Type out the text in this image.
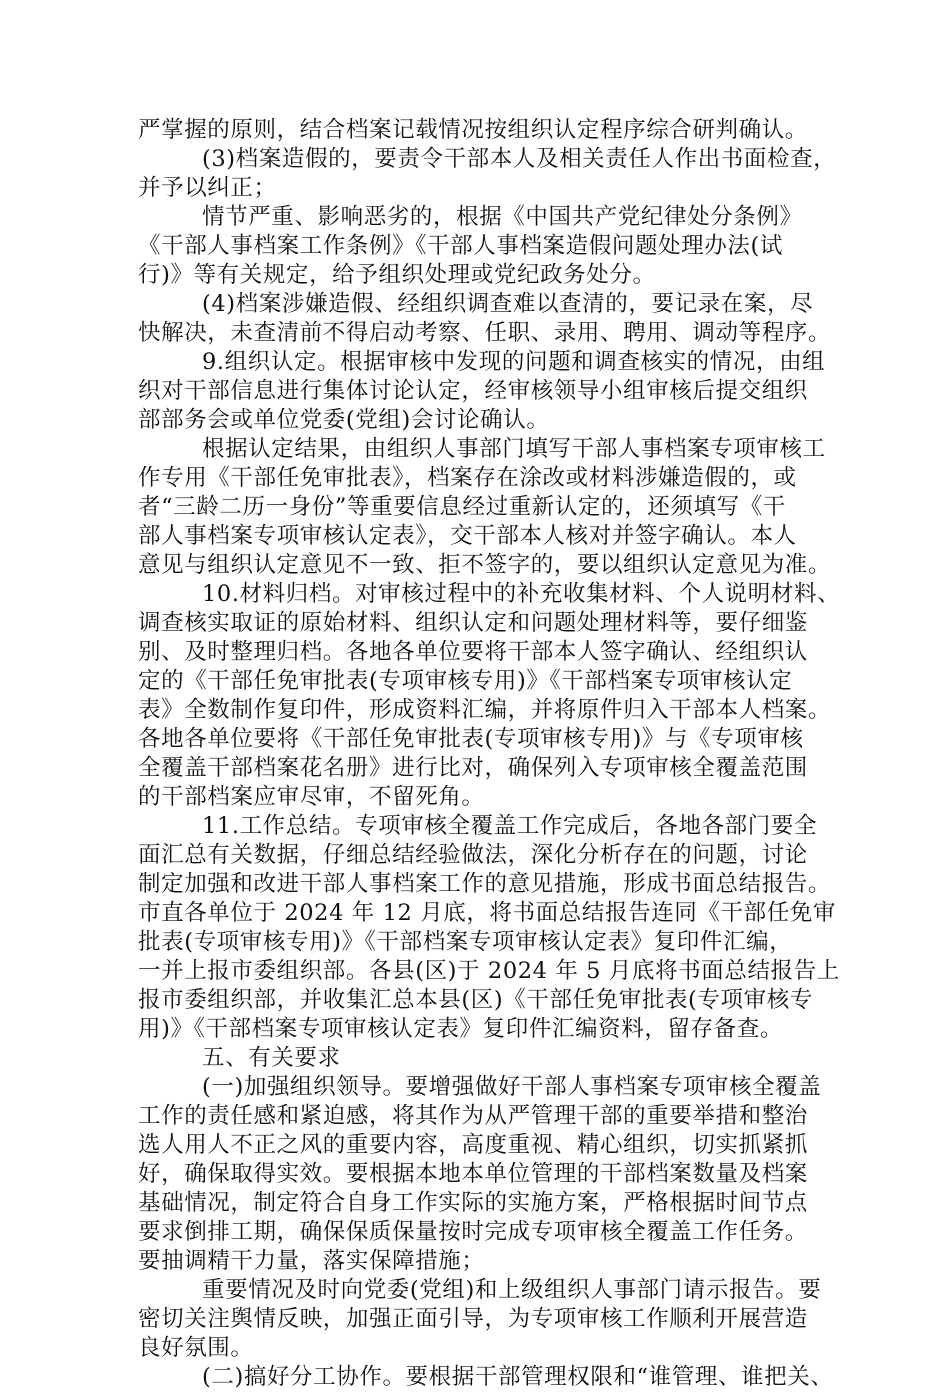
严掌握的原则，结合档案记载情况按组织认定程序综合研判确认。
(3)档案造假的，要责令干部本人及相关责任人作出书面检查，
并予以纠正；
情节严重、影响恶劣的，根据《中国共产党纪律处分条例》
《干部人事档案工作条例》《干部人事档案造假问题处理办法(试
行)》等有关规定，给予组织处理或党纪政务处分。
(4)档案涉嫌造假、经组织调查难以查清的，要记录在案，尽
快解决，未查清前不得启动考察、任职、录用、聘用、调动等程序。
9.组织认定。根据审核中发现的问题和调查核实的情况，由组
织对干部信息进行集体讨论认定，经审核领导小组审核后提交组织
部部务会或单位党委(党组)会讨论确认。
根据认定结果，由组织人事部门填写干部人事档案专项审核工
作专用《干部任免审批表》，档案存在涂改或材料涉嫌造假的，或
者“三龄二历一身份”等重要信息经过重新认定的，还须填写《干
部人事档案专项审核认定表》，交干部本人核对并签字确认。本人
意见与组织认定意见不一致、拒不签字的，要以组织认定意见为准。
10.材料归档。对审核过程中的补充收集材料、个人说明材料、
调查核实取证的原始材料、组织认定和问题处理材料等，要仔细鉴
别、及时整理归档。各地各单位要将干部本人签字确认、经组织认
定的《干部任免审批表(专项审核专用)》《干部档案专项审核认定
表》全数制作复印件，形成资料汇编，并将原件归入干部本人档案。
各地各单位要将《干部任免审批表(专项审核专用)》与《专项审核
全覆盖干部档案花名册》进行比对，确保列入专项审核全覆盖范围
的干部档案应审尽审，不留死角。
11.工作总结。专项审核全覆盖工作完成后，各地各部门要全
面汇总有关数据，仔细总结经验做法，深化分析存在的问题，讨论
制定加强和改进干部人事档案工作的意见措施，形成书面总结报告。
市直各单位于 2024 年 12 月底，将书面总结报告连同《干部任免审
批表(专项审核专用)》《干部档案专项审核认定表》复印件汇编，
一并上报市委组织部。各县(区)于 2024 年 5 月底将书面总结报告上
报市委组织部，并收集汇总本县(区)《干部任免审批表(专项审核专
用)》《干部档案专项审核认定表》复印件汇编资料，留存备查。
五、有关要求
(一)加强组织领导。要增强做好干部人事档案专项审核全覆盖
工作的责任感和紧迫感，将其作为从严管理干部的重要举措和整治
选人用人不正之风的重要内容，高度重视、精心组织，切实抓紧抓
好，确保取得实效。要根据本地本单位管理的干部档案数量及档案
基础情况，制定符合自身工作实际的实施方案，严格根据时间节点
要求倒排工期，确保保质保量按时完成专项审核全覆盖工作任务。
要抽调精干力量，落实保障措施；
重要情况及时向党委(党组)和上级组织人事部门请示报告。要
密切关注舆情反映，加强正面引导，为专项审核工作顺利开展营造
良好氛围。
(二)搞好分工协作。要根据干部管理权限和“谁管理、谁把关、
